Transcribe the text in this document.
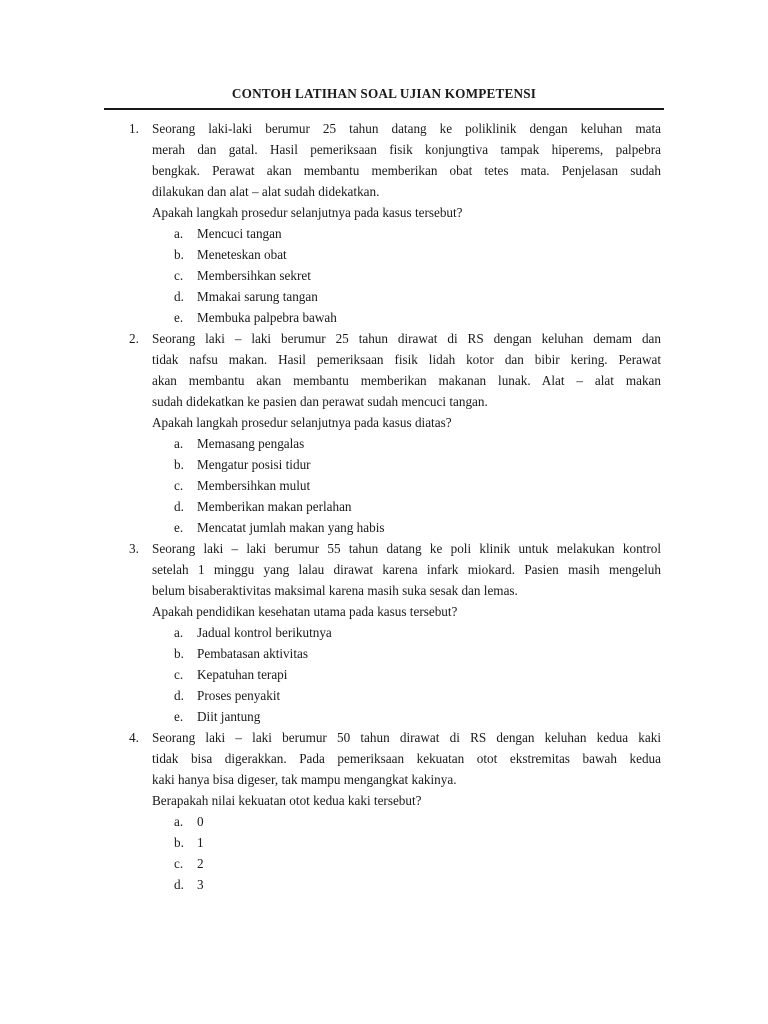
CONTOH LATIHAN SOAL UJIAN KOMPETENSI
1. Seorang laki-laki berumur 25 tahun datang ke poliklinik dengan keluhan mata
merah dan gatal. Hasil pemeriksaan fisik konjungtiva tampak hiperems, palpebra
bengkak. Perawat akan membantu memberikan obat tetes mata. Penjelasan sudah
dilakukan dan alat – alat sudah didekatkan.
Apakah langkah prosedur selanjutnya pada kasus tersebut?
a. Mencuci tangan
b. Meneteskan obat
c. Membersihkan sekret
d. Mmakai sarung tangan
e. Membuka palpebra bawah
2. Seorang laki – laki berumur 25 tahun dirawat di RS dengan keluhan demam dan
tidak nafsu makan. Hasil pemeriksaan fisik lidah kotor dan bibir kering. Perawat
akan membantu akan membantu memberikan makanan lunak. Alat – alat makan
sudah didekatkan ke pasien dan perawat sudah mencuci tangan.
Apakah langkah prosedur selanjutnya pada kasus diatas?
a. Memasang pengalas
b. Mengatur posisi tidur
c. Membersihkan mulut
d. Memberikan makan perlahan
e. Mencatat jumlah makan yang habis
3. Seorang laki – laki berumur 55 tahun datang ke poli klinik untuk melakukan kontrol
setelah 1 minggu yang lalau dirawat karena infark miokard. Pasien masih mengeluh
belum bisaberaktivitas maksimal karena masih suka sesak dan lemas.
Apakah pendidikan kesehatan utama pada kasus tersebut?
a. Jadual kontrol berikutnya
b. Pembatasan aktivitas
c. Kepatuhan terapi
d. Proses penyakit
e. Diit jantung
4. Seorang laki – laki berumur 50 tahun dirawat di RS dengan keluhan kedua kaki
tidak bisa digerakkan. Pada pemeriksaan kekuatan otot ekstremitas bawah kedua
kaki hanya bisa digeser, tak mampu mengangkat kakinya.
Berapakah nilai kekuatan otot kedua kaki tersebut?
a. 0
b. 1
c. 2
d. 3
